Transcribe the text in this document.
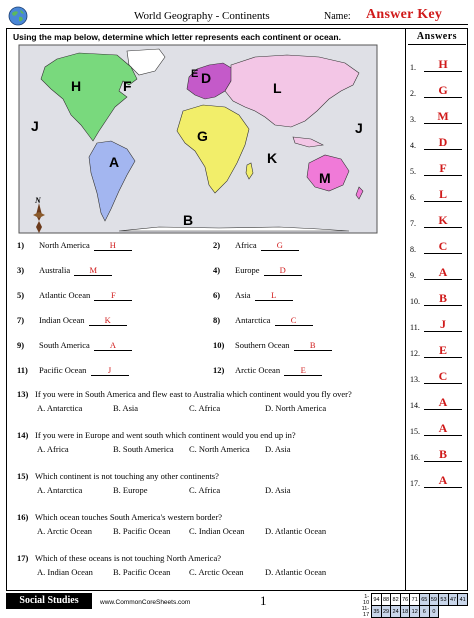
World Geography - Continents	Name: Answer Key
Using the map below, determine which letter represents each continent or ocean.
H	D
L
J
G	J
A	K
M
B
F
E
N
1) North America H	2) Africa G
3) Australia M	4) Europe D
5) Atlantic Ocean F	6) Asia L
7) Indian Ocean K	8) Antarctica C
9) South America A	10) Southern Ocean B
11) Pacific Ocean	J	12) Arctic Ocean E
13) If you were in South America and flew east to Australia which continent would you fly over?
A. Antarctica	B. Asia	C. Africa	D. North America
14) If you were in Europe and went south which continent would you end up in?
A. Africa	B. South America C. North America D. Asia
15) Which continent is not touching any other continents?
A. Antarctica	B. Europe	C. Africa	D. Asia
16) Which ocean touches South America's western border?
A. Arctic Ocean B. Pacific Ocean C. Indian Ocean D. Atlantic Ocean
17) Which of these oceans is not touching North America?
A. Indian Ocean B. Pacific Ocean C. Arctic Ocean	D. Atlantic Ocean
Answers
1.	H
2.	G
3.	M
4.	D
5.	F
6.	L
7.	K
8.	C
9.	A
10.	B
11.	J
12.	E
13.	C
14.	A
15.	A
16.	B
17.	A
Social Studies	www.CommonCoreSheets.com	1	1-10	94	88	82	76	71	65	59	53	47	41
11-17	35	29	24	18	12	6	0			
